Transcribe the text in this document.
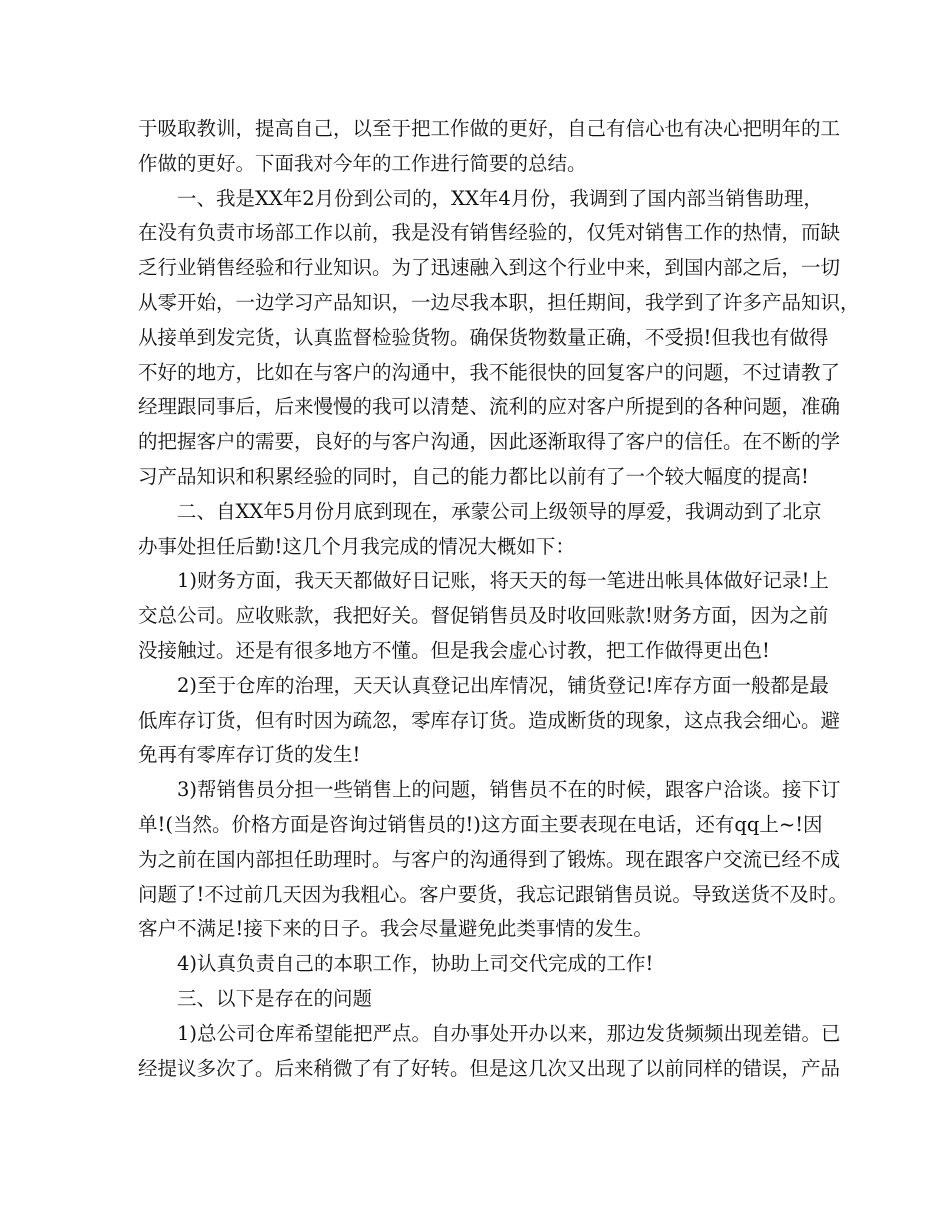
于吸取教训，提高自己，以至于把工作做的更好，自己有信心也有决心把明年的工
作做的更好。下面我对今年的工作进行简要的总结。
一、我是XX年2月份到公司的，XX年4月份，我调到了国内部当销售助理，
在没有负责市场部工作以前，我是没有销售经验的，仅凭对销售工作的热情，而缺
乏行业销售经验和行业知识。为了迅速融入到这个行业中来，到国内部之后，一切
从零开始，一边学习产品知识，一边尽我本职，担任期间，我学到了许多产品知识，
从接单到发完货，认真监督检验货物。确保货物数量正确，不受损!但我也有做得
不好的地方，比如在与客户的沟通中，我不能很快的回复客户的问题，不过请教了
经理跟同事后，后来慢慢的我可以清楚、流利的应对客户所提到的各种问题，准确
的把握客户的需要，良好的与客户沟通，因此逐渐取得了客户的信任。在不断的学
习产品知识和积累经验的同时，自己的能力都比以前有了一个较大幅度的提高!
二、自XX年5月份月底到现在，承蒙公司上级领导的厚爱，我调动到了北京
办事处担任后勤!这几个月我完成的情况大概如下：
1)财务方面，我天天都做好日记账，将天天的每一笔进出帐具体做好记录!上
交总公司。应收账款，我把好关。督促销售员及时收回账款!财务方面，因为之前
没接触过。还是有很多地方不懂。但是我会虚心讨教，把工作做得更出色!
2)至于仓库的治理，天天认真登记出库情况，铺货登记!库存方面一般都是最
低库存订货，但有时因为疏忽，零库存订货。造成断货的现象，这点我会细心。避
免再有零库存订货的发生!
3)帮销售员分担一些销售上的问题，销售员不在的时候，跟客户洽谈。接下订
单!(当然。价格方面是咨询过销售员的!)这方面主要表现在电话，还有qq上~!因
为之前在国内部担任助理时。与客户的沟通得到了锻炼。现在跟客户交流已经不成
问题了!不过前几天因为我粗心。客户要货，我忘记跟销售员说。导致送货不及时。
客户不满足!接下来的日子。我会尽量避免此类事情的发生。
4)认真负责自己的本职工作，协助上司交代完成的工作!
三、以下是存在的问题
1)总公司仓库希望能把严点。自办事处开办以来，那边发货频频出现差错。已
经提议多次了。后来稍微了有了好转。但是这几次又出现了以前同样的错误，产品
